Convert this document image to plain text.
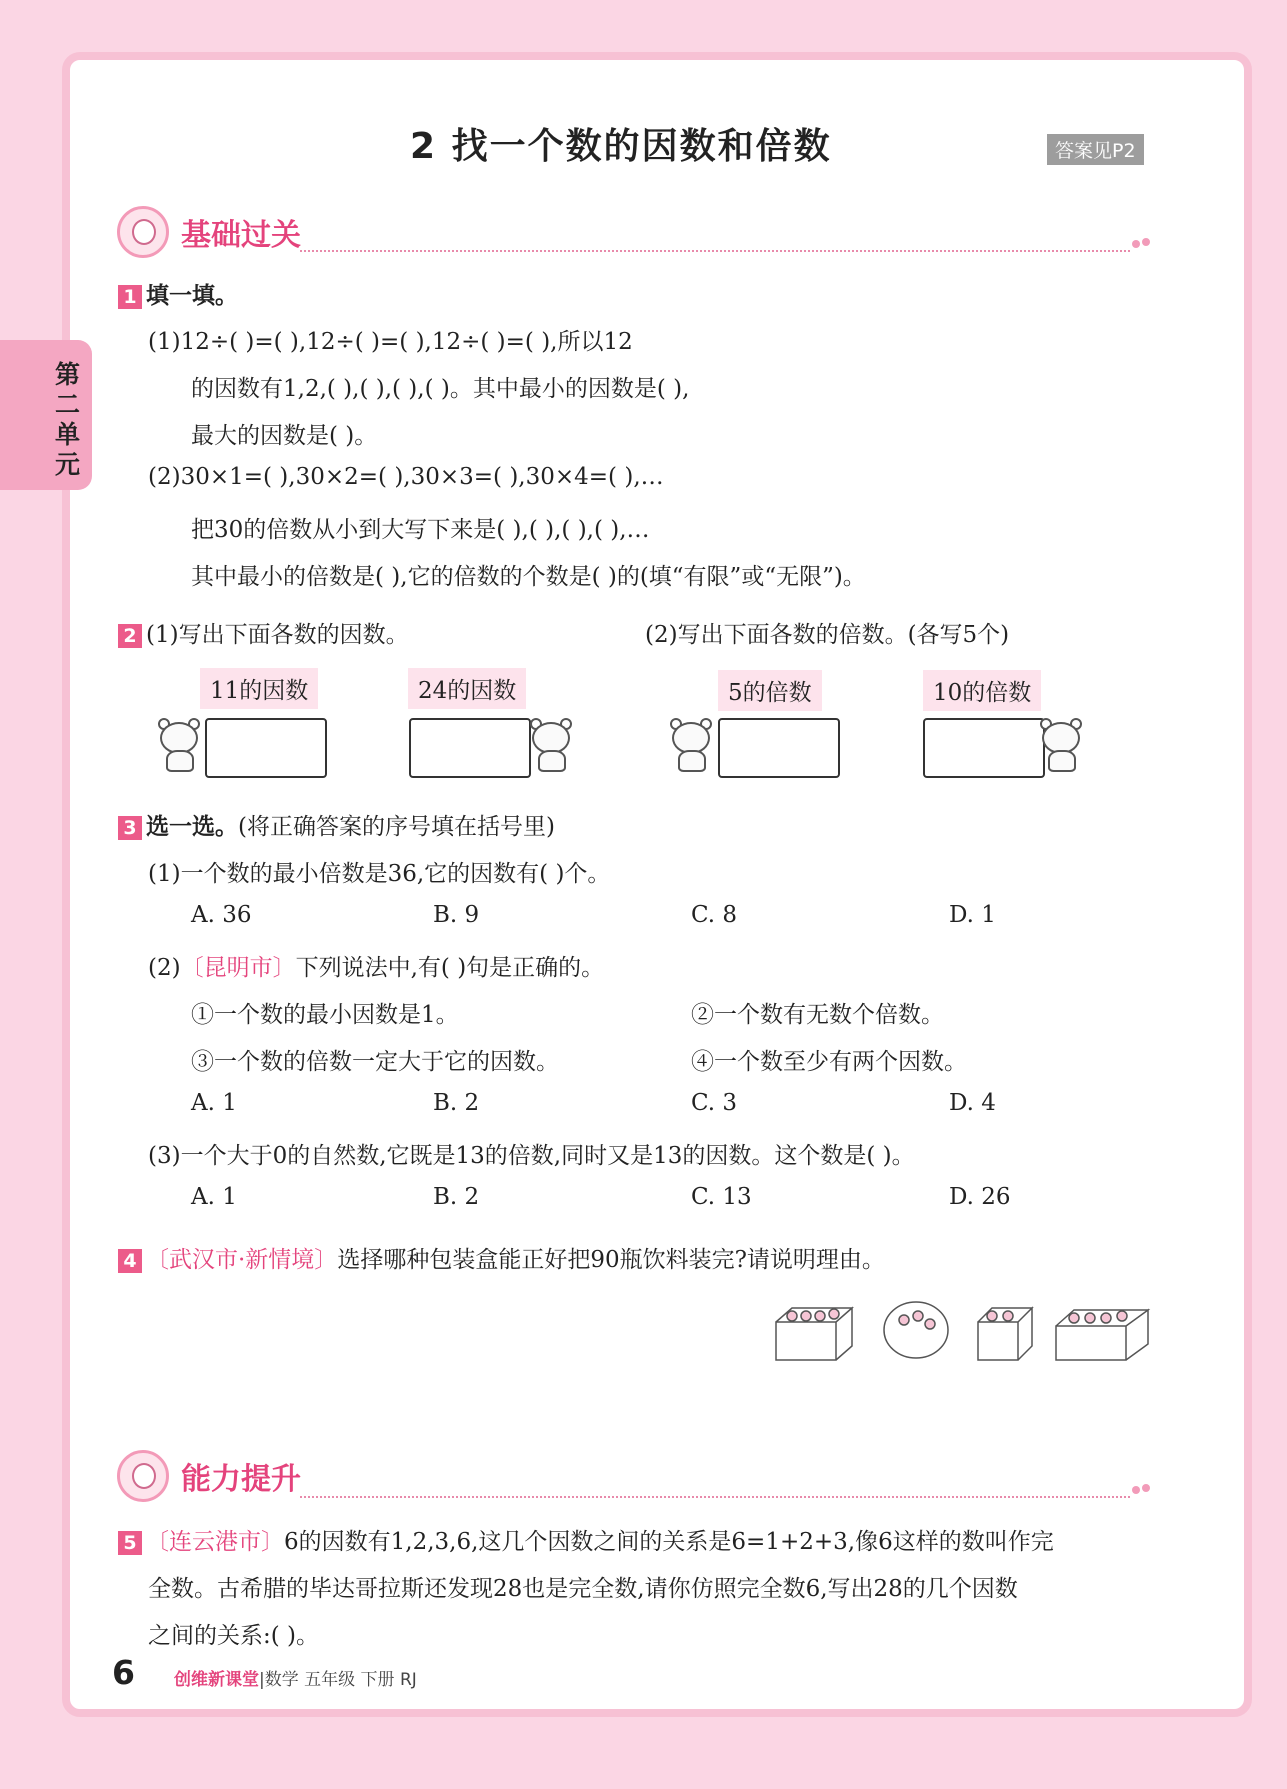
第二单元
2 找一个数的因数和倍数	答案见P2
基础过关
1 填一填。
(1)12÷( )=( ),12÷( )=( ),12÷( )=( ),所以12
的因数有1,2,( ),( ),( ),( )。其中最小的因数是( ),
最大的因数是( )。
(2)30×1=( ),30×2=( ),30×3=( ),30×4=( ),…
把30的倍数从小到大写下来是( ),( ),( ),( ),…
其中最小的倍数是( ),它的倍数的个数是( )的(填“有限”或“无限”)。
2 (1)写出下面各数的因数。	(2)写出下面各数的倍数。(各写5个)
11的因数	24的因数	5的倍数	10的倍数
3 选一选。(将正确答案的序号填在括号里)
(1)一个数的最小倍数是36,它的因数有( )个。
A. 36	B. 9	C. 8	D. 1
(2)〔昆明市〕下列说法中,有( )句是正确的。
①一个数的最小因数是1。	②一个数有无数个倍数。
③一个数的倍数一定大于它的因数。	④一个数至少有两个因数。
A. 1	B. 2	C. 3	D. 4
(3)一个大于0的自然数,它既是13的倍数,同时又是13的因数。这个数是( )。
A. 1	B. 2	C. 13	D. 26
4 〔武汉市·新情境〕选择哪种包装盒能正好把90瓶饮料装完?请说明理由。
能力提升
5 〔连云港市〕6的因数有1,2,3,6,这几个因数之间的关系是6=1+2+3,像6这样的数叫作完
全数。古希腊的毕达哥拉斯还发现28也是完全数,请你仿照完全数6,写出28的几个因数
之间的关系:( )。
6 创维新课堂|数学 五年级 下册 RJ
